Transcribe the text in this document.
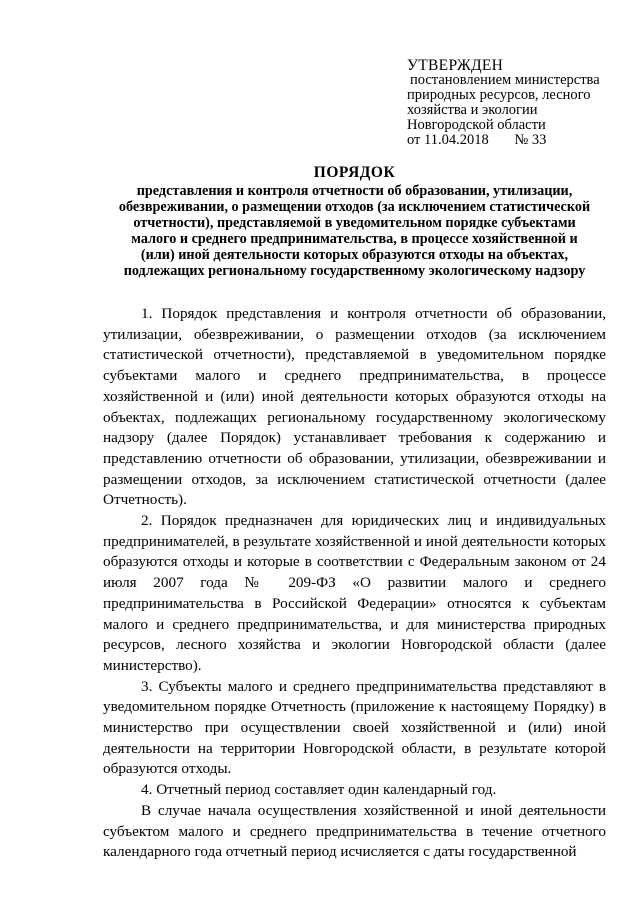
УТВЕРЖДЕН
постановлением министерства
природных ресурсов, лесного
хозяйства и экологии
Новгородской области
от 11.04.2018 № 33
ПОРЯДОК
представления и контроля отчетности об образовании, утилизации,
обезвреживании, о размещении отходов (за исключением статистической
отчетности), представляемой в уведомительном порядке субъектами
малого и среднего предпринимательства, в процессе хозяйственной и
(или) иной деятельности которых образуются отходы на объектах,
подлежащих региональному государственному экологическому надзору

1. Порядок представления и контроля отчетности об образовании, утилизации, обезвреживании, о размещении отходов (за исключением статистической отчетности), представляемой в уведомительном порядке субъектами малого и среднего предпринимательства, в процессе хозяйственной и (или) иной деятельности которых образуются отходы на объектах, подлежащих региональному государственному экологическому надзору (далее Порядок) устанавливает требования к содержанию и представлению отчетности об образовании, утилизации, обезвреживании и размещении отходов, за исключением статистической отчетности (далее Отчетность).

2. Порядок предназначен для юридических лиц и индивидуальных предпринимателей, в результате хозяйственной и иной деятельности которых образуются отходы и которые в соответствии с Федеральным законом от 24 июля 2007 года № 209-ФЗ «О развитии малого и среднего предпринимательства в Российской Федерации» относятся к субъектам малого и среднего предпринимательства, и для министерства природных ресурсов, лесного хозяйства и экологии Новгородской области (далее министерство).

3. Субъекты малого и среднего предпринимательства представляют в уведомительном порядке Отчетность (приложение к настоящему Порядку) в министерство при осуществлении своей хозяйственной и (или) иной деятельности на территории Новгородской области, в результате которой образуются отходы.

4. Отчетный период составляет один календарный год.

В случае начала осуществления хозяйственной и иной деятельности субъектом малого и среднего предпринимательства в течение отчетного календарного года отчетный период исчисляется с даты государственной
